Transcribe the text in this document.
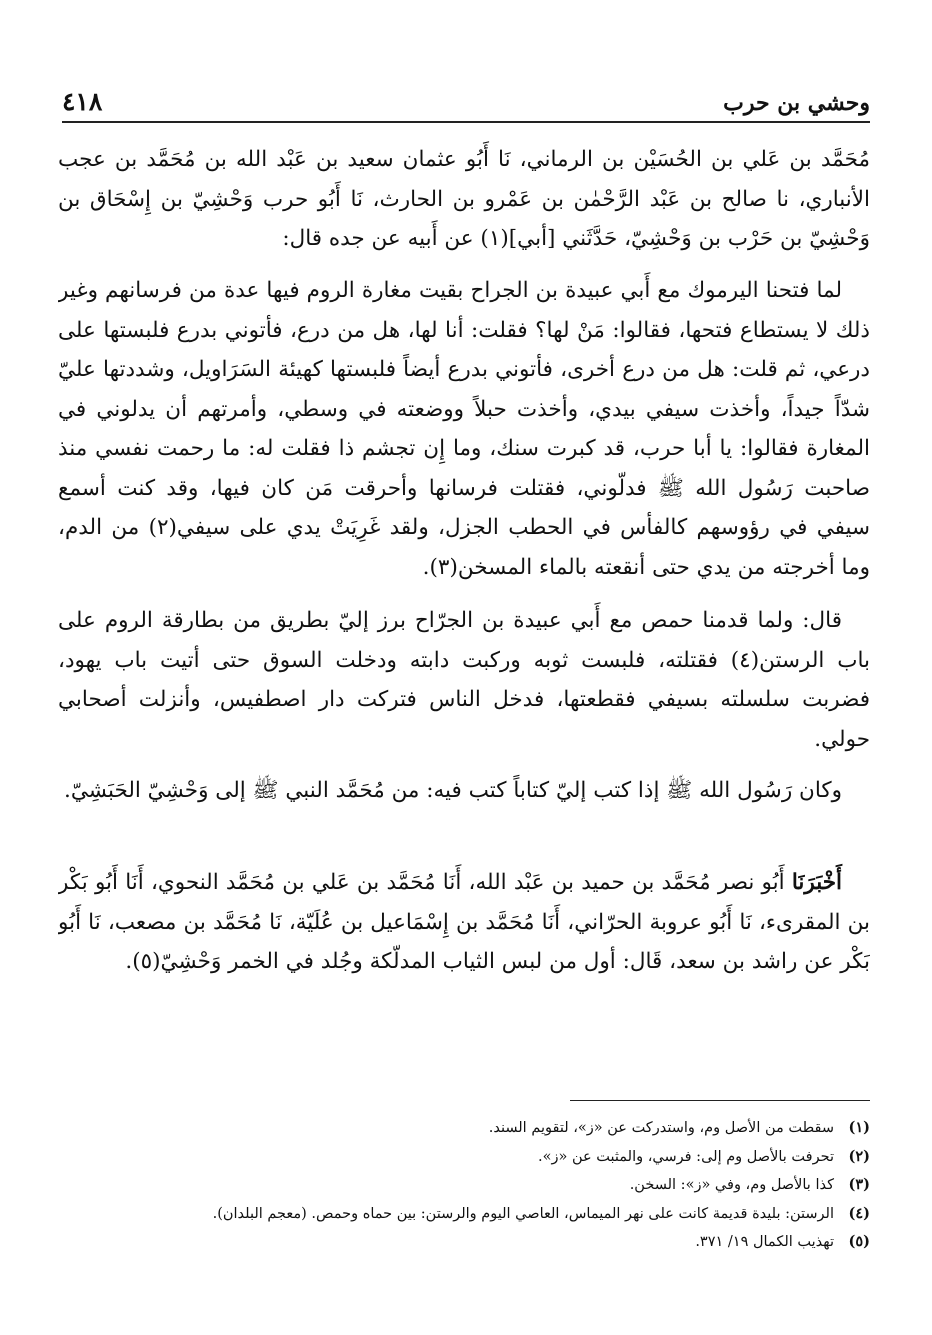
وحشي بن حرب
٤١٨

مُحَمَّد بن عَلي بن الحُسَيْن بن الرماني، نَا أَبُو عثمان سعيد بن عَبْد الله بن مُحَمَّد بن عجب الأنباري، نا صالح بن عَبْد الرَّحْمٰن بن عَمْرو بن الحارث، نَا أَبُو حرب وَحْشِيّ بن إِسْحَاق بن وَحْشِيّ بن حَرْب بن وَحْشِيّ، حَدَّثَني [أبي](١) عن أَبيه عن جده قال:

لما فتحنا اليرموك مع أَبي عبيدة بن الجراح بقيت مغارة الروم فيها عدة من فرسانهم وغير ذلك لا يستطاع فتحها، فقالوا: مَنْ لها؟ فقلت: أنا لها، هل من درع، فأتوني بدرع فلبستها على درعي، ثم قلت: هل من درع أخرى، فأتوني بدرع أيضاً فلبستها كهيئة السَرَاويل، وشددتها عليّ شدّاً جيداً، وأخذت سيفي بيدي، وأخذت حبلاً ووضعته في وسطي، وأمرتهم أن يدلوني في المغارة فقالوا: يا أبا حرب، قد كبرت سنك، وما إِن تجشم ذا فقلت له: ما رحمت نفسي منذ صاحبت رَسُول الله ﷺ فدلّوني، فقتلت فرسانها وأحرقت مَن كان فيها، وقد كنت أسمع سيفي في رؤوسهم كالفأس في الحطب الجزل، ولقد غَرِيَتْ يدي على سيفي(٢) من الدم، وما أخرجته من يدي حتى أنقعته بالماء المسخن(٣).

قال: ولما قدمنا حمص مع أَبي عبيدة بن الجرّاح برز إليّ بطريق من بطارقة الروم على باب الرستن(٤) فقتلته، فلبست ثوبه وركبت دابته ودخلت السوق حتى أتيت باب يهود، فضربت سلسلته بسيفي فقطعتها، فدخل الناس فتركت دار اصطفيس، وأنزلت أصحابي حولي.

وكان رَسُول الله ﷺ إذا كتب إليّ كتاباً كتب فيه: من مُحَمَّد النبي ﷺ إلى وَحْشِيّ الحَبَشِيّ.

أَخْبَرَنَا أَبُو نصر مُحَمَّد بن حميد بن عَبْد الله، أَنَا مُحَمَّد بن عَلي بن مُحَمَّد النحوي، أَنَا أَبُو بَكْر بن المقرىء، نَا أَبُو عروبة الحرّاني، أَنَا مُحَمَّد بن إِسْمَاعيل بن عُلَيّة، نَا مُحَمَّد بن مصعب، نَا أَبُو بَكْر عن راشد بن سعد، قَال: أول من لبس الثياب المدلّكة وجُلد في الخمر وَحْشِيّ(٥).

(١)
سقطت من الأصل وم، واستدركت عن «ز»، لتقويم السند.
(٢)
تحرفت بالأصل وم إلى: فرسي، والمثبت عن «ز».
(٣)
كذا بالأصل وم، وفي «ز»: السخن.
(٤)
الرستن: بليدة قديمة كانت على نهر الميماس، العاصي اليوم والرستن: بين حماه وحمص. (معجم البلدان).
(٥)
تهذيب الكمال ١٩/ ٣٧١.
